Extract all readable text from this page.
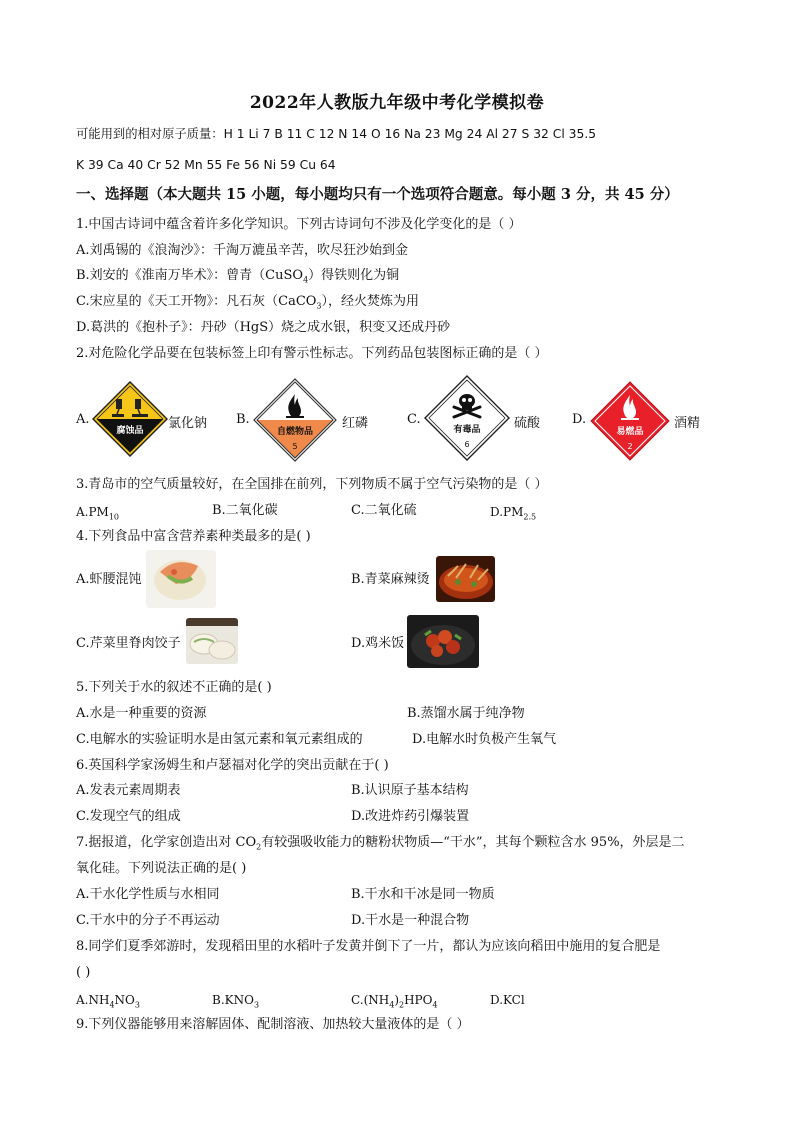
2022年人教版九年级中考化学模拟卷
可能用到的相对原子质量：H 1 Li 7 B 11 C 12 N 14 O 16 Na 23 Mg 24 Al 27 S 32 Cl 35.5
K 39 Ca 40 Cr 52 Mn 55 Fe 56 Ni 59 Cu 64
一、选择题（本大题共 15 小题，每小题均只有一个选项符合题意。每小题 3 分，共 45 分）
1.中国古诗词中蕴含着许多化学知识。下列古诗词句不涉及化学变化的是（ ）
A.刘禹锡的《浪淘沙》：千淘万漉虽辛苦，吹尽狂沙始到金
B.刘安的《淮南万毕术》：曾青（CuSO$_4$）得铁则化为铜
C.宋应星的《天工开物》：凡石灰（CaCO$_3$），经火焚炼为用
D.葛洪的《抱朴子》：丹砂（HgS）烧之成水银，积变又还成丹砂
2.对危险化学品要在包装标签上印有警示性标志。下列药品包装图标正确的是（ ）
A.
腐蚀品 氯化钠 B.
自燃物品
5
红磷	C.
有毒品
6
硫酸 D.
易燃品
2
酒精
3.青岛市的空气质量较好，在全国排在前列，下列物质不属于空气污染物的是（ ）
$A.PM_{10}$	B.二氧化碳	C.二氧化硫	$D.PM_{2.5}$
4.下列食品中富含营养素种类最多的是( )
A.虾腰混饨	B.青菜麻辣烫
C.芹菜里脊肉饺子	D.鸡米饭
5.下列关于水的叙述不正确的是( )
A.水是一种重要的资源	B.蒸馏水属于纯净物
C.电解水的实验证明水是由氢元素和氧元素组成的	D.电解水时负极产生氧气
6.英国科学家汤姆生和卢瑟福对化学的突出贡献在于( )
A.发表元素周期表	B.认识原子基本结构
C.发现空气的组成	D.改进炸药引爆装置
7.据报道，化学家创造出对 $CO_2$有较强吸收能力的糖粉状物质—“干水”，其每个颗粒含水 95%，外层是二
氧化硅。下列说法正确的是( )
A.干水化学性质与水相同	B.干水和干冰是同一物质
C.干水中的分子不再运动	D.干水是一种混合物
8.同学们夏季郊游时，发现稻田里的水稻叶子发黄并倒下了一片，都认为应该向稻田中施用的复合肥是
( )
$A.NH_4NO_3$	$B.KNO_3$	$C.(NH_4)_2HPO_4$	D.KCl
9.下列仪器能够用来溶解固体、配制溶液、加热较大量液体的是（ ）
